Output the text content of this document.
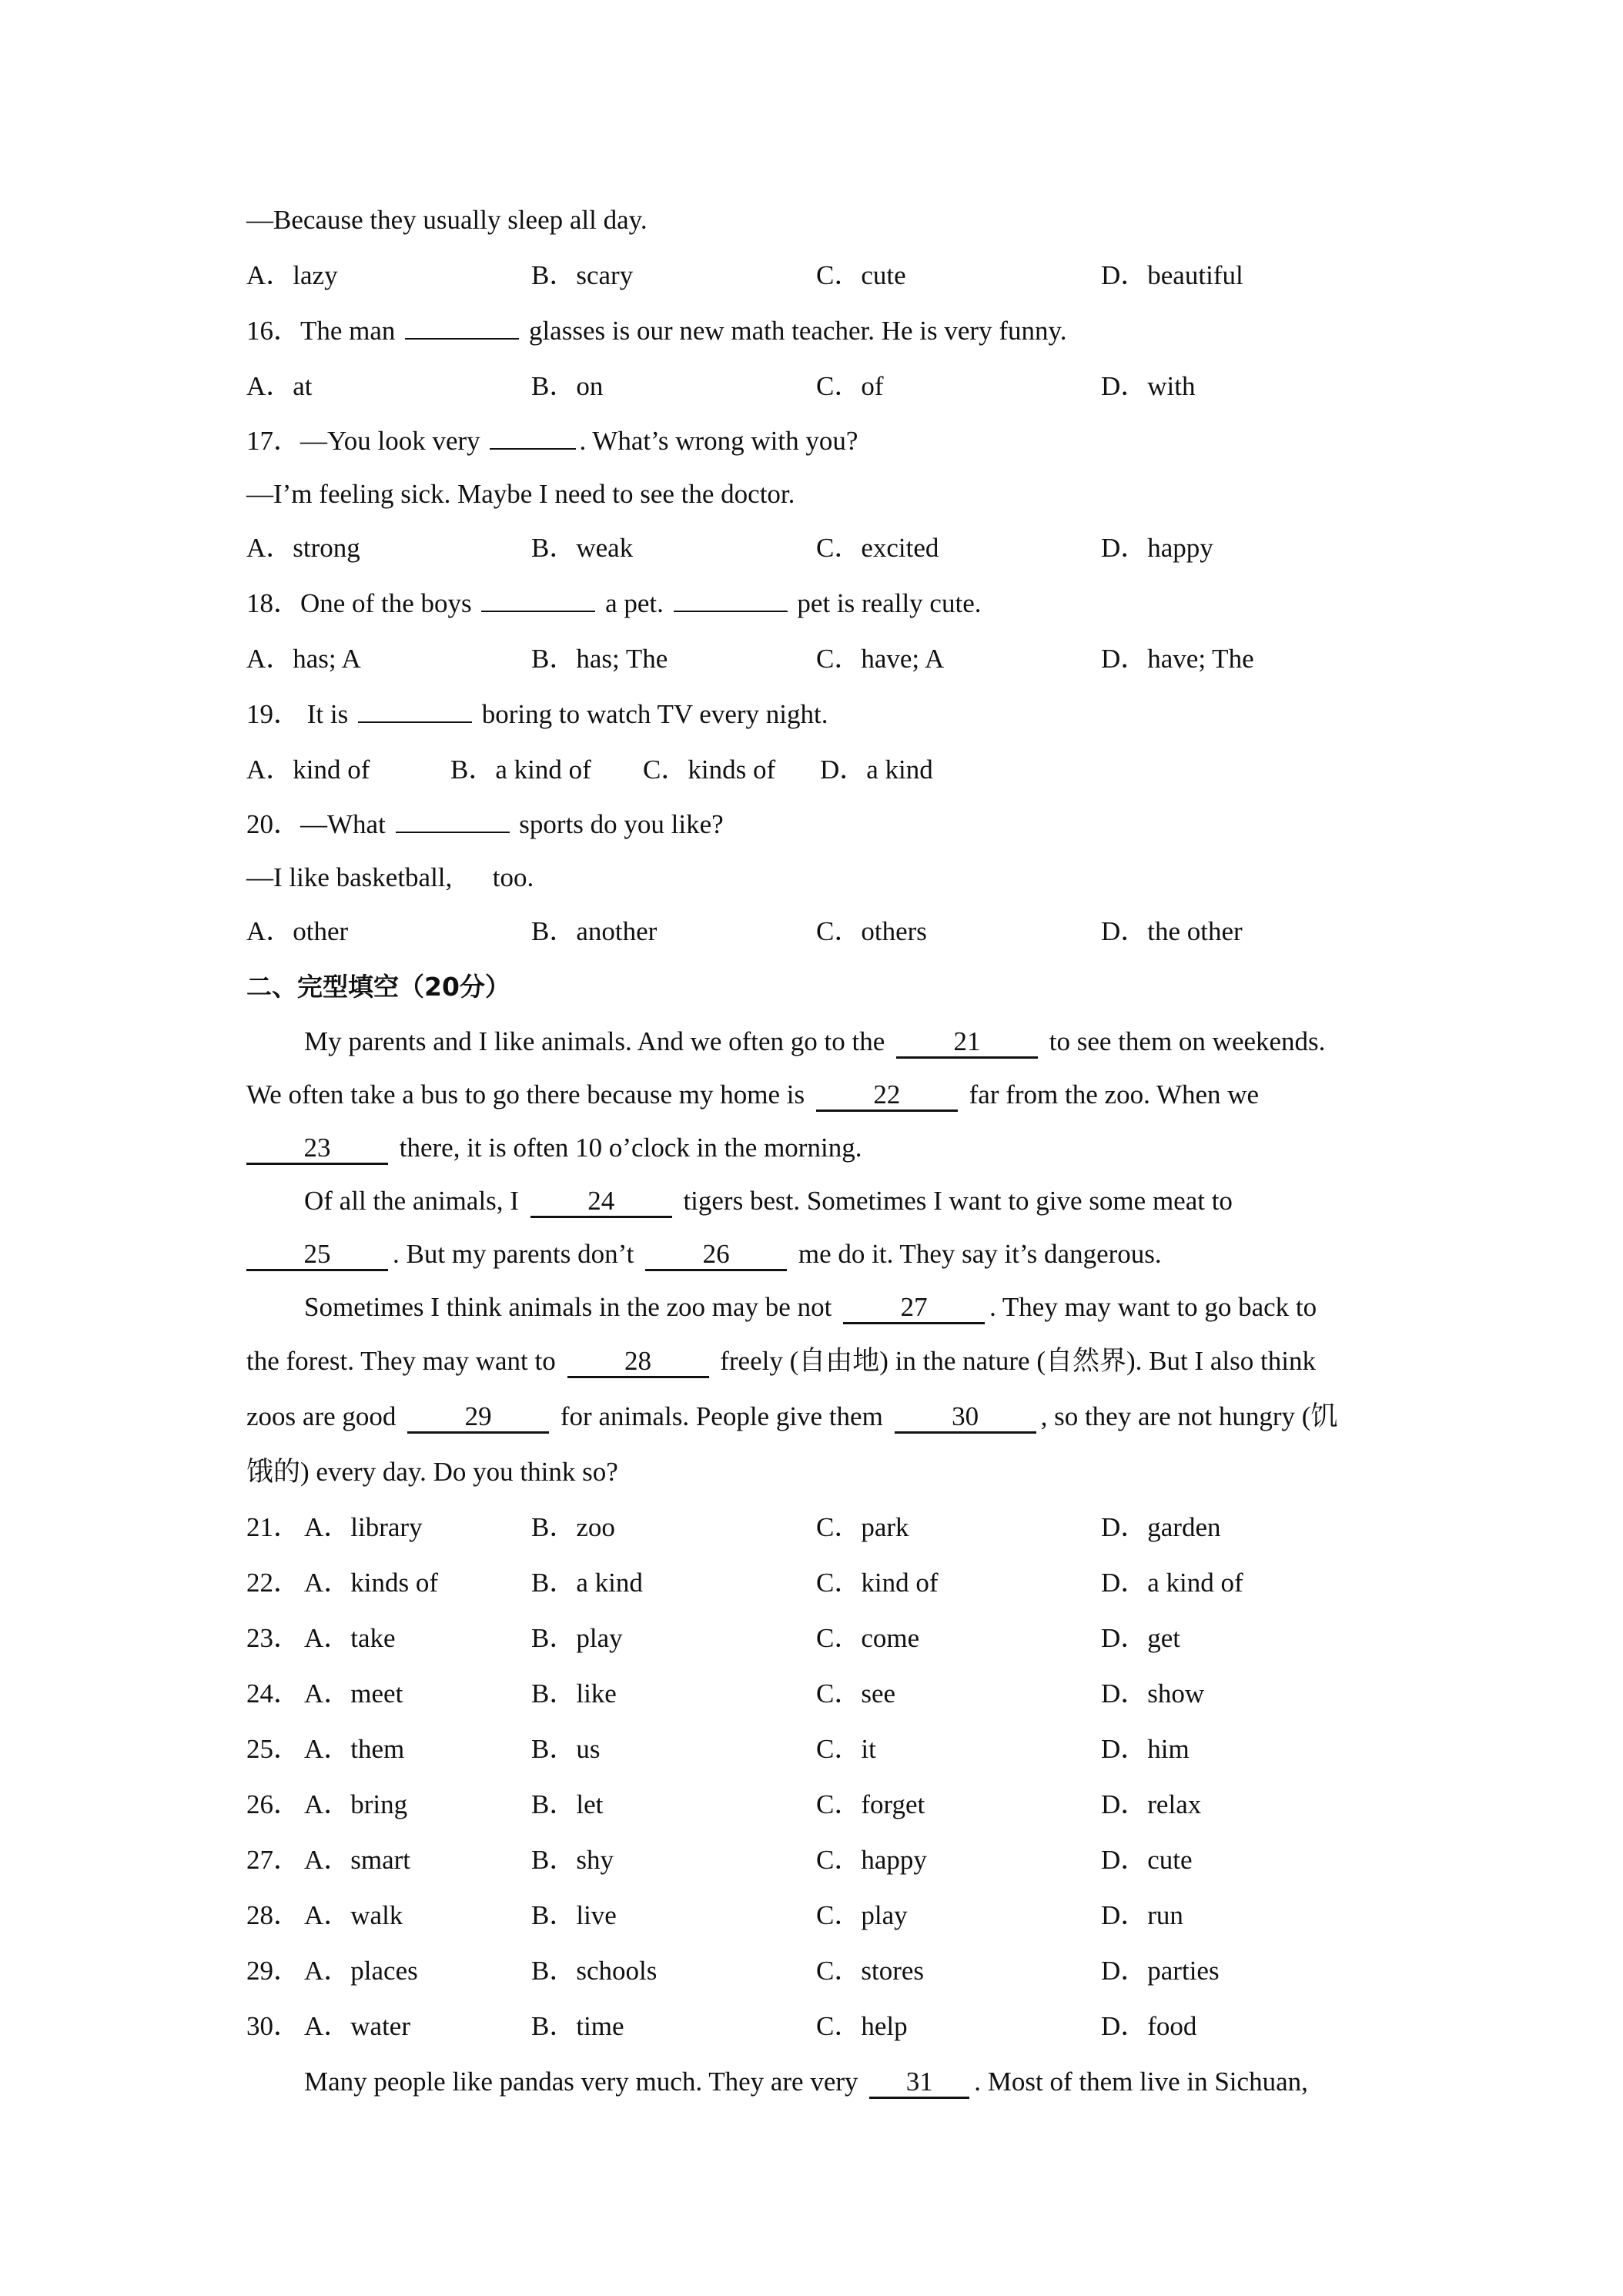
—Because they usually sleep all day.
A．lazy	B．scary	C．cute	D．beautiful
16．The man	glasses is our new math teacher. He is very funny.
A．at	B．on	C．of	D．with
17．—You look very	. What’s wrong with you?
—I’m feeling sick. Maybe I need to see the doctor.
A．strong	B．weak	C．excited	D．happy
18．One of the boys	a pet.	pet is really cute.
A．has; A	B．has; The	C．have; A	D．have; The
19． It is	boring to watch TV every night.
A．kind of	B．a kind of C．kinds of D．a kind
20．—What	sports do you like?
—I like basketball,      too.
A．other	B．another	C．others	D．the other
二、完型填空（20分）
My parents and I like animals. And we often go to the 21 to see them on weekends.
We often take a bus to go there because my home is 22 far from the zoo. When we
23 there, it is often 10 o’clock in the morning.
Of all the animals, I 24 tigers best. Sometimes I want to give some meat to
25 . But my parents don’t 26 me do it. They say it’s dangerous.
Sometimes I think animals in the zoo may be not 27 . They may want to go back to
the forest. They may want to 28 freely (自由地) in the nature (自然界). But I also think
zoos are good 29 for animals. People give them 30 , so they are not hungry (饥
饿的) every day. Do you think so?
21． A．library	B．zoo	C．park	D．garden
22． A．kinds of	B．a kind	C．kind of	D．a kind of
23． A．take	B．play	C．come	D．get
24． A．meet	B．like	C．see	D．show
25． A．them	B．us	C．it	D．him
26． A．bring	B．let	C．forget	D．relax
27． A．smart	B．shy	C．happy	D．cute
28． A．walk	B．live	C．play	D．run
29． A．places	B．schools	C．stores	D．parties
30． A．water	B．time	C．help	D．food
Many people like pandas very much. They are very 31 . Most of them live in Sichuan,
